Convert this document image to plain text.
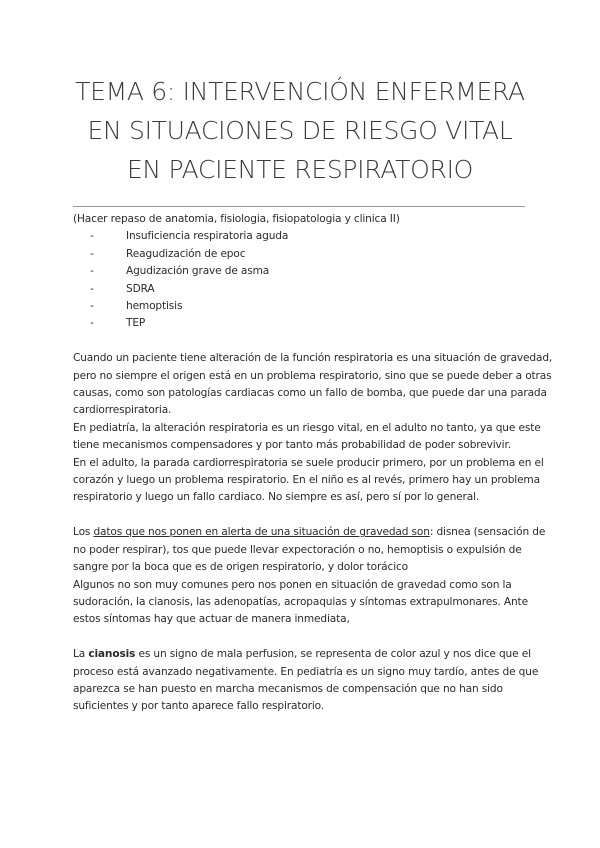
TEMA 6: INTERVENCIÓN ENFERMERA
EN SITUACIONES DE RIESGO VITAL
EN PACIENTE RESPIRATORIO

(Hacer repaso de anatomia, fisiologia, fisiopatologia y clinica II)

-	Insuficiencia respiratoria aguda
-	Reagudización de epoc
-	Agudización grave de asma
-	SDRA
-	hemoptisis
-	TEP

Cuando un paciente tiene alteración de la función respiratoria es una situación de gravedad,

pero no siempre el origen está en un problema respiratorio, sino que se puede deber a otras

causas, como son patologías cardiacas como un fallo de bomba, que puede dar una parada

cardiorrespiratoria.

En pediatría, la alteración respiratoria es un riesgo vital, en el adulto no tanto, ya que este

tiene mecanismos compensadores y por tanto más probabilidad de poder sobrevivir.

En el adulto, la parada cardiorrespiratoria se suele producir primero, por un problema en el

corazón y luego un problema respiratorio. En el niño es al revés, primero hay un problema

respiratorio y luego un fallo cardiaco. No siempre es así, pero sí por lo general.

Los datos que nos ponen en alerta de una situación de gravedad son: disnea (sensación de

no poder respirar), tos que puede llevar expectoración o no, hemoptisis o expulsión de

sangre por la boca que es de origen respiratorio, y dolor torácico

Algunos no son muy comunes pero nos ponen en situación de gravedad como son la

sudoración, la cianosis, las adenopatías, acropaquias y síntomas extrapulmonares. Ante

estos síntomas hay que actuar de manera inmediata,

La cianosis es un signo de mala perfusion, se representa de color azul y nos dice que el

proceso está avanzado negativamente. En pediatría es un signo muy tardío, antes de que

aparezca se han puesto en marcha mecanismos de compensación que no han sido

suficientes y por tanto aparece fallo respiratorio.
